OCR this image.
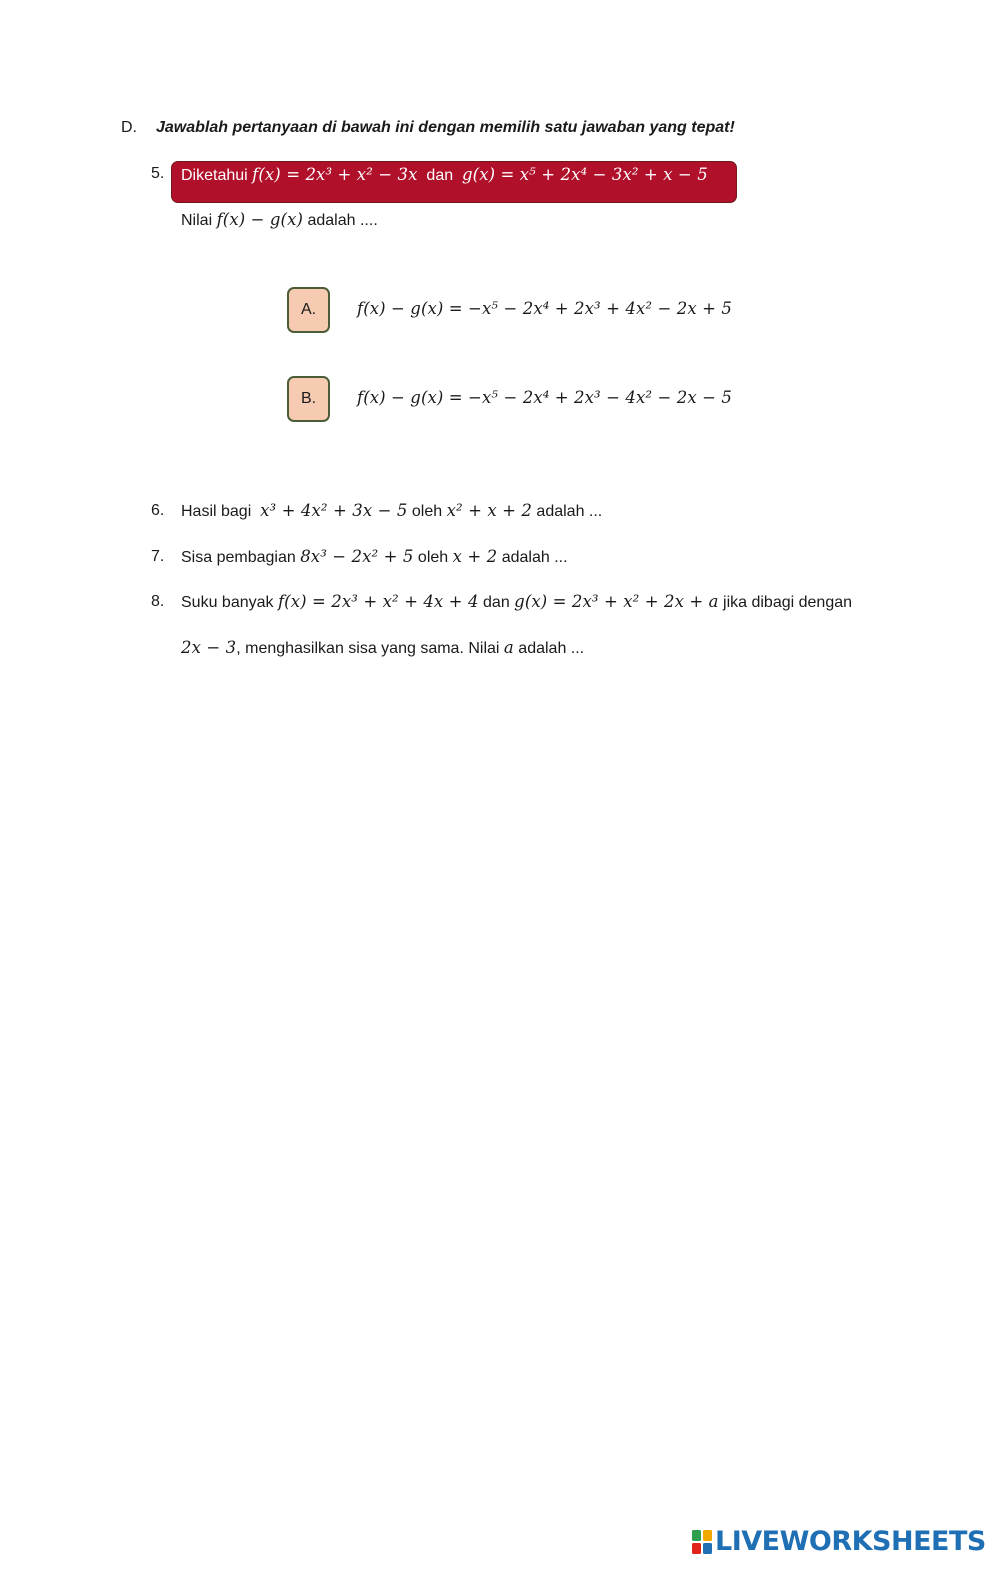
D. Jawablah pertanyaan di bawah ini dengan memilih satu jawaban yang tepat!
5. Diketahui f(x) = 2x³ + x² − 3x dan g(x) = x⁵ + 2x⁴ − 3x² + x − 5
Nilai f(x) − g(x) adalah ....
A.	f(x) − g(x) = −x⁵ − 2x⁴ + 2x³ + 4x² − 2x + 5
B.	f(x) − g(x) = −x⁵ − 2x⁴ + 2x³ − 4x² − 2x − 5
6. Hasil bagi x³ + 4x² + 3x − 5 oleh x² + x + 2 adalah ...
7. Sisa pembagian 8x³ − 2x² + 5 oleh x + 2 adalah ...
8. Suku banyak f(x) = 2x³ + x² + 4x + 4 dan g(x) = 2x³ + x² + 2x + a jika dibagi dengan
2x − 3, menghasilkan sisa yang sama. Nilai a adalah ...
LIVEWORKSHEETS
